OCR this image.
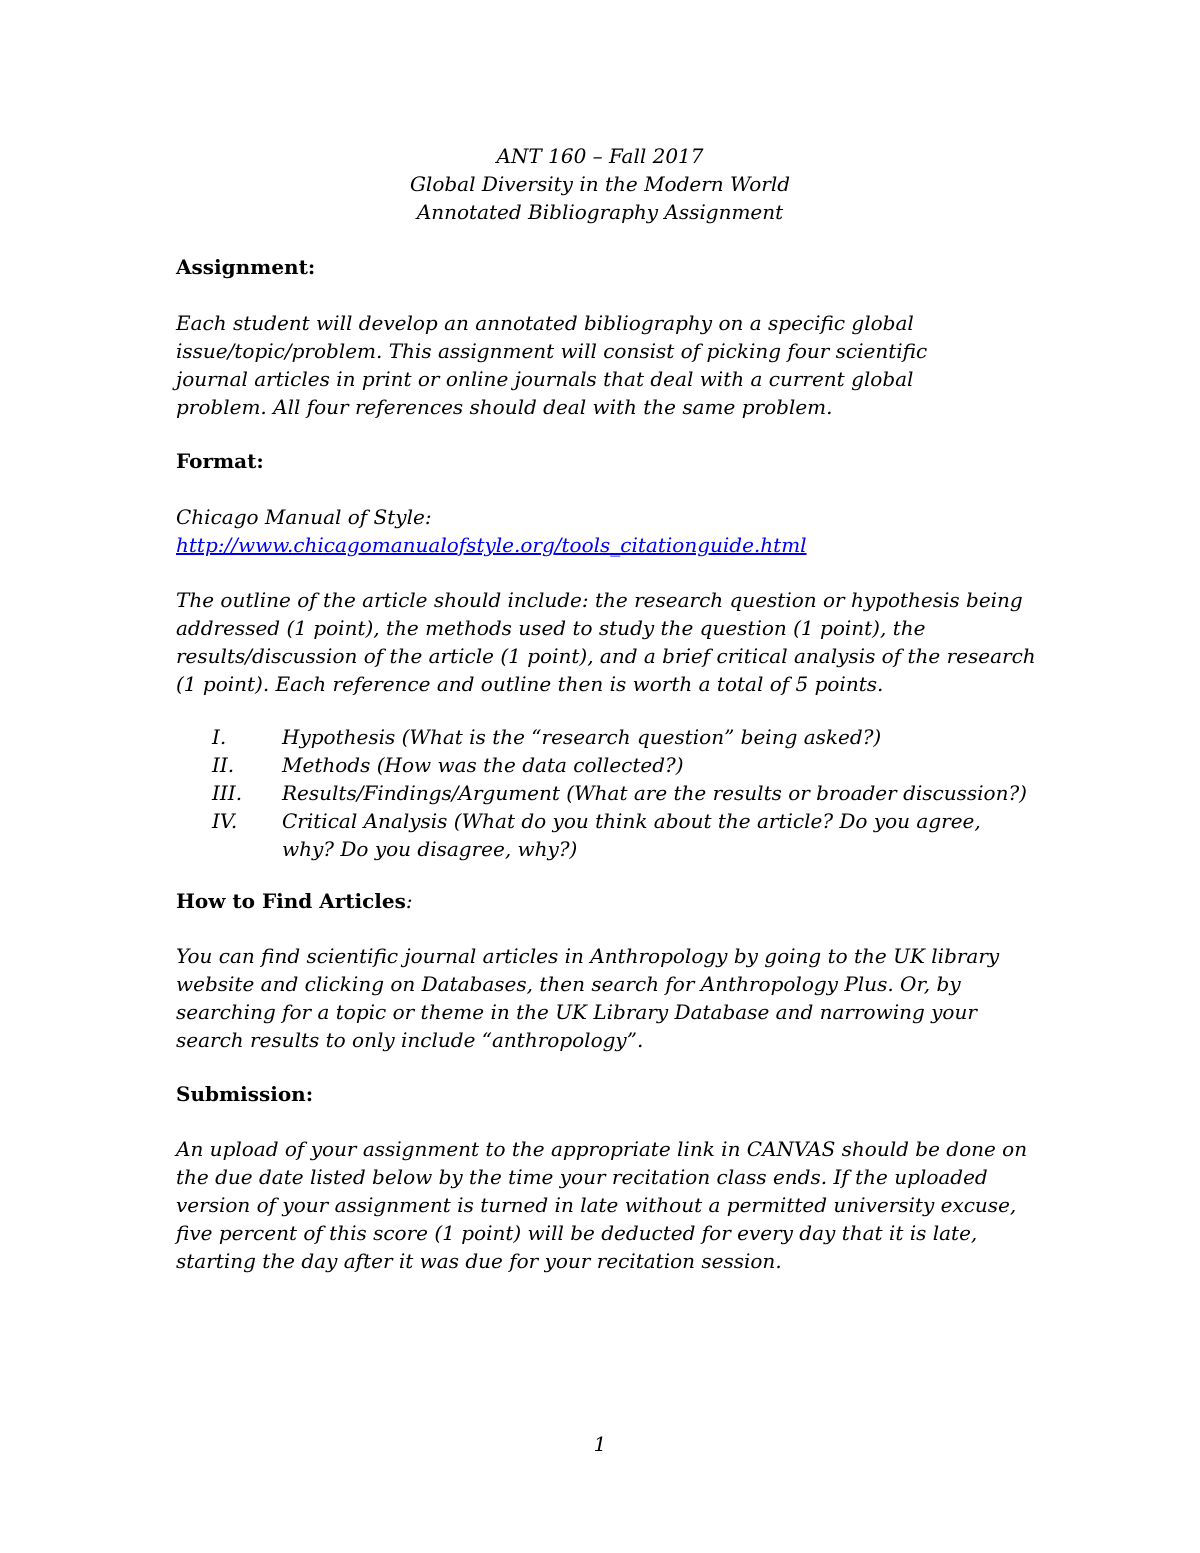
ANT 160 – Fall 2017
Global Diversity in the Modern World
Annotated Bibliography Assignment
Assignment:
Each student will develop an annotated bibliography on a specific global issue/topic/problem. This assignment will consist of picking four scientific journal articles in print or online journals that deal with a current global problem. All four references should deal with the same problem.
Format:
Chicago Manual of Style:
http://www.chicagomanualofstyle.org/tools_citationguide.html
The outline of the article should include: the research question or hypothesis being addressed (1 point), the methods used to study the question (1 point), the results/discussion of the article (1 point), and a brief critical analysis of the research (1 point). Each reference and outline then is worth a total of 5 points.
I.	Hypothesis (What is the “research question” being asked?)
II.	Methods (How was the data collected?)
III.	Results/Findings/Argument (What are the results or broader discussion?)
IV.	Critical Analysis (What do you think about the article? Do you agree, why? Do you disagree, why?)
How to Find Articles:
You can find scientific journal articles in Anthropology by going to the UK library website and clicking on Databases, then search for Anthropology Plus. Or, by searching for a topic or theme in the UK Library Database and narrowing your search results to only include “anthropology”.
Submission:
An upload of your assignment to the appropriate link in CANVAS should be done on the due date listed below by the time your recitation class ends. If the uploaded version of your assignment is turned in late without a permitted university excuse, five percent of this score (1 point) will be deducted for every day that it is late, starting the day after it was due for your recitation session.
1
